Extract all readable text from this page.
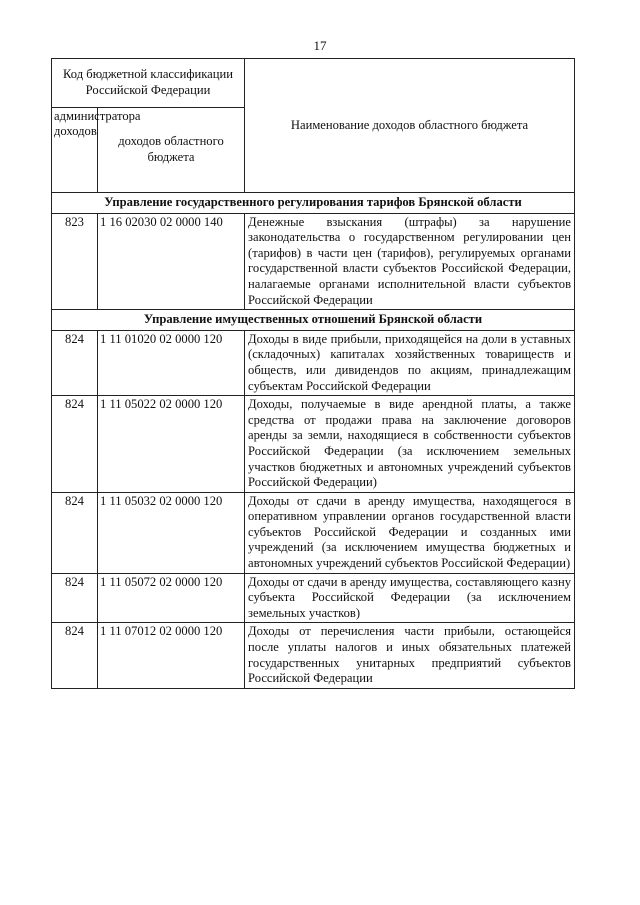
17
Код бюджетной классификации Российской Федерации		Наименование доходов областного бюджета
администратора доходов	доходов областного бюджета	
Управление государственного регулирования тарифов Брянской области		
823	1 16 02030 02 0000 140	Денежные взыскания (штрафы) за нарушение законодательства о государственном регулировании цен (тарифов) в части цен (тарифов), регулируемых органами государственной власти субъектов Российской Федерации, налагаемые органами исполнительной власти субъектов Российской Федерации
Управление имущественных отношений Брянской области		
824	1 11 01020 02 0000 120	Доходы в виде прибыли, приходящейся на доли в уставных (складочных) капиталах хозяйственных товариществ и обществ, или дивидендов по акциям, принадлежащим субъектам Российской Федерации
824	1 11 05022 02 0000 120	Доходы, получаемые в виде арендной платы, а также средства от продажи права на заключение договоров аренды за земли, находящиеся в собственности субъектов Российской Федерации (за исключением земельных участков бюджетных и автономных учреждений субъектов Российской Федерации)
824	1 11 05032 02 0000 120	Доходы от сдачи в аренду имущества, находящегося в оперативном управлении органов государственной власти субъектов Российской Федерации и созданных ими учреждений (за исключением имущества бюджетных и автономных учреждений субъектов Российской Федерации)
824	1 11 05072 02 0000 120	Доходы от сдачи в аренду имущества, составляющего казну субъекта Российской Федерации (за исключением земельных участков)
824	1 11 07012 02 0000 120	Доходы от перечисления части прибыли, остающейся после уплаты налогов и иных обязательных платежей государственных унитарных предприятий субъектов Российской Федерации
